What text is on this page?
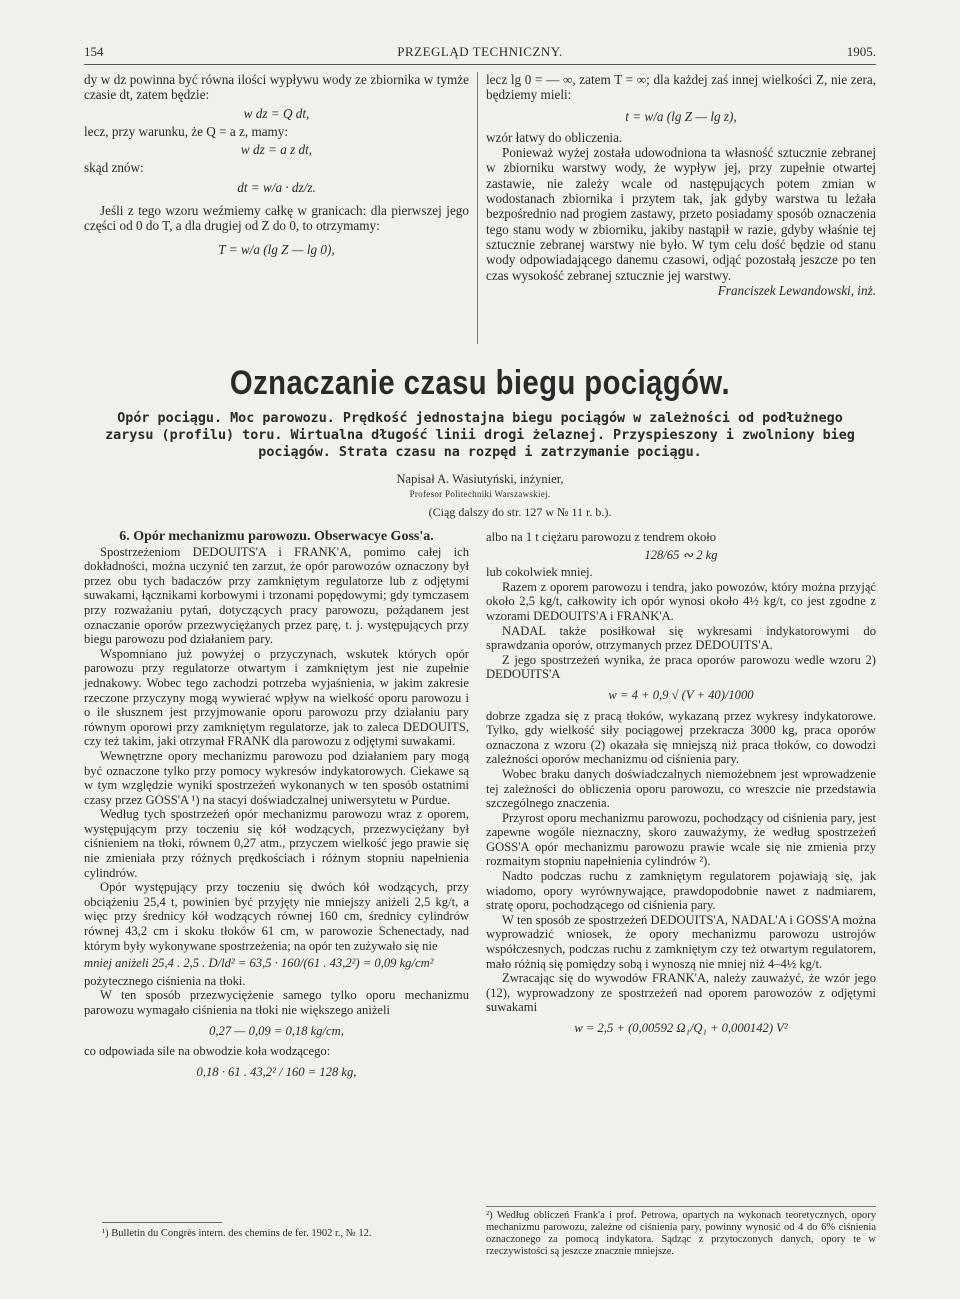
154	PRZEGLĄD TECHNICZNY.	1905.

dy w dz powinna być równa ilości wypływu wody ze zbiornika w tymże czasie dt, zatem będzie:

w dz = Q dt,

lecz, przy warunku, że Q = a z, mamy:

w dz = a z dt,

skąd znów:

dt = w/a · dz/z.

Jeśli z tego wzoru weźmiemy całkę w granicach: dla pierwszej jego części od 0 do T, a dla drugiej od Z do 0, to otrzymamy:

T = w/a (lg Z — lg 0),

lecz lg 0 = — ∞, zatem T = ∞; dla każdej zaś innej wielkości Z, nie zera, będziemy mieli:

t = w/a (lg Z — lg z),

wzór łatwy do obliczenia.

Ponieważ wyżej została udowodniona ta własność sztucznie zebranej w zbiorniku warstwy wody, że wypływ jej, przy zupełnie otwartej zastawie, nie zależy wcale od następujących potem zmian w wodostanach zbiornika i przytem tak, jak gdyby warstwa tu leżała bezpośrednio nad progiem zastawy, przeto posiadamy sposób oznaczenia tego stanu wody w zbiorniku, jakiby nastąpił w razie, gdyby właśnie tej sztucznie zebranej warstwy nie było. W tym celu dość będzie od stanu wody odpowiadającego danemu czasowi, odjąć pozostałą jeszcze po ten czas wysokość zebranej sztucznie jej warstwy.

Franciszek Lewandowski, inż.

Oznaczanie czasu biegu pociągów.
Opór pociągu. Moc parowozu. Prędkość jednostajna biegu pociągów w zależności od podłużnego zarysu (profilu) toru. Wirtualna długość linii drogi żelaznej. Przyspieszony i zwolniony bieg pociągów. Strata czasu na rozpęd i zatrzymanie pociągu.
Napisał A. Wasiutyński, inżynier,
Profesor Politechniki Warszawskiej.
(Ciąg dalszy do str. 127 w № 11 r. b.).

6. Opór mechanizmu parowozu. Obserwacye Goss'a.

Spostrzeżeniom DEDOUITS'A i FRANK'A, pomimo całej ich dokładności, można uczynić ten zarzut, że opór parowozów oznaczony był przez obu tych badaczów przy zamkniętym regulatorze lub z odjętymi suwakami, łącznikami korbowymi i trzonami popędowymi; gdy tymczasem przy rozważaniu pytań, dotyczących pracy parowozu, pożądanem jest oznaczanie oporów przezwyciężanych przez parę, t. j. występujących przy biegu parowozu pod działaniem pary.

Wspomniano już powyżej o przyczynach, wskutek których opór parowozu przy regulatorze otwartym i zamkniętym jest nie zupełnie jednakowy. Wobec tego zachodzi potrzeba wyjaśnienia, w jakim zakresie rzeczone przyczyny mogą wywierać wpływ na wielkość oporu parowozu i o ile słusznem jest przyjmowanie oporu parowozu przy działaniu pary równym oporowi przy zamkniętym regulatorze, jak to zaleca DEDOUITS, czy też takim, jaki otrzymał FRANK dla parowozu z odjętymi suwakami.

Wewnętrzne opory mechanizmu parowozu pod działaniem pary mogą być oznaczone tylko przy pomocy wykresów indykatorowych. Ciekawe są w tym względzie wyniki spostrzeżeń wykonanych w ten sposób ostatnimi czasy przez GOSS'A ¹) na stacyi doświadczalnej uniwersytetu w Purdue.

Według tych spostrzeżeń opór mechanizmu parowozu wraz z oporem, występującym przy toczeniu się kół wodzących, przezwyciężany był ciśnieniem na tłoki, równem 0,27 atm., przyczem wielkość jego prawie się nie zmieniała przy różnych prędkościach i różnym stopniu napełnienia cylindrów.

Opór występujący przy toczeniu się dwóch kół wodzących, przy obciążeniu 25,4 t, powinien być przyjęty nie mniejszy aniżeli 2,5 kg/t, a więc przy średnicy kół wodzących równej 160 cm, średnicy cylindrów równej 43,2 cm i skoku tłoków 61 cm, w parowozie Schenectady, nad którym były wykonywane spostrzeżenia; na opór ten zużywało się nie

mniej aniżeli 25,4 . 2,5 . D/ld² = 63,5 · 160/(61 . 43,2²) = 0,09 kg/cm²

pożytecznego ciśnienia na tłoki.

W ten sposób przezwyciężenie samego tylko oporu mechanizmu parowozu wymagało ciśnienia na tłoki nie większego aniżeli

0,27 — 0,09 = 0,18 kg/cm,

co odpowiada sile na obwodzie koła wodzącego:

0,18 · 61 . 43,2² / 160 = 128 kg,

¹) Bulletin du Congrès intern. des chemins de fer. 1902 r., № 12.

albo na 1 t ciężaru parowozu z tendrem około

128/65 ∾ 2 kg

lub cokolwiek mniej.

Razem z oporem parowozu i tendra, jako powozów, który można przyjąć około 2,5 kg/t, całkowity ich opór wynosi około 4½ kg/t, co jest zgodne z wzorami DEDOUITS'A i FRANK'A.

NADAL także posiłkował się wykresami indykatorowymi do sprawdzania oporów, otrzymanych przez DEDOUITS'A.

Z jego spostrzeżeń wynika, że praca oporów parowozu wedle wzoru 2) DEDOUITS'A

w = 4 + 0,9 √ (V + 40)/1000

dobrze zgadza się z pracą tłoków, wykazaną przez wykresy indykatorowe. Tylko, gdy wielkość siły pociągowej przekracza 3000 kg, praca oporów oznaczona z wzoru (2) okazała się mniejszą niż praca tłoków, co dowodzi zależności oporów mechanizmu od ciśnienia pary.

Wobec braku danych doświadczalnych niemożebnem jest wprowadzenie tej zależności do obliczenia oporu parowozu, co wreszcie nie przedstawia szczególnego znaczenia.

Przyrost oporu mechanizmu parowozu, pochodzący od ciśnienia pary, jest zapewne wogóle nieznaczny, skoro zauważymy, że według spostrzeżeń GOSS'A opór mechanizmu parowozu prawie wcale się nie zmienia przy rozmaitym stopniu napełnienia cylindrów ²).

Nadto podczas ruchu z zamkniętym regulatorem pojawiają się, jak wiadomo, opory wyrównywające, prawdopodobnie nawet z nadmiarem, stratę oporu, pochodzącego od ciśnienia pary.

W ten sposób ze spostrzeżeń DEDOUITS'A, NADAL'A i GOSS'A można wyprowadzić wniosek, że opory mechanizmu parowozu ustrojów współczesnych, podczas ruchu z zamkniętym czy też otwartym regulatorem, mało różnią się pomiędzy sobą i wynoszą nie mniej niż 4–4½ kg/t.

Zwracając się do wywodów FRANK'A, należy zauważyć, że wzór jego (12), wyprowadzony ze spostrzeżeń nad oporem parowozów z odjętymi suwakami

w = 2,5 + (0,00592 Ω₁/Q₁ + 0,000142) V²

²) Według obliczeń Frank'a i prof. Petrowa, opartych na wykonach teoretycznych, opory mechanizmu parowozu, zależne od ciśnienia pary, powinny wynosić od 4 do 6% ciśnienia oznaczonego za pomocą indykatora. Sądząc z przytoczonych danych, opory te w rzeczywistości są jeszcze znacznie mniejsze.
